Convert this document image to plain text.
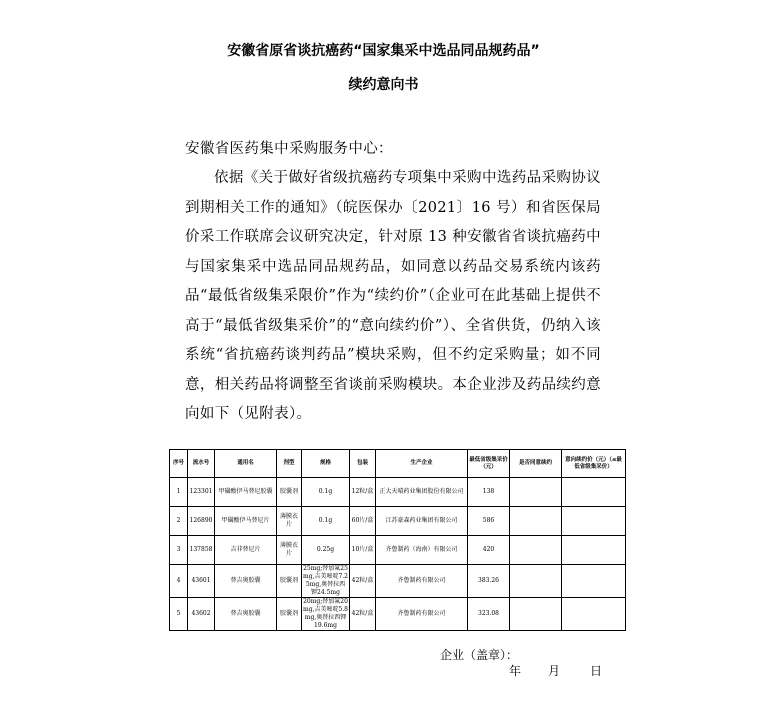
安徽省原省谈抗癌药“国家集采中选品同品规药品”
续约意向书
安徽省医药集中采购服务中心：
依据《关于做好省级抗癌药专项集中采购中选药品采购协议到期相关工作的通知》（皖医保办〔2021〕16 号）和省医保局价采工作联席会议研究决定，针对原 13 种安徽省省谈抗癌药中与国家集采中选品同品规药品，如同意以药品交易系统内该药品“最低省级集采限价”作为“续约价”（企业可在此基础上提供不高于“最低省级集采价”的“意向续约价”）、全省供货，仍纳入该系统“省抗癌药谈判药品”模块采购，但不约定采购量；如不同意，相关药品将调整至省谈前采购模块。本企业涉及药品续约意向如下（见附表）。
序号	流水号	通用名	剂型	规格	包装	生产企业	最低省级集采价（元）	是否同意续约	意向续约价（元）（≤最低省级集采价）
1	123301	甲磺酸伊马替尼胶囊	胶囊剂	0.1g	12粒/盒	正大天晴药业集团股份有限公司	138		
2	126890	甲磺酸伊马替尼片	薄膜衣片	0.1g	60片/盒	江苏豪森药业集团有限公司	586		
3	137858	吉非替尼片	薄膜衣片	0.25g	10片/盒	齐鲁制药（海南）有限公司	420		
4	43601	替吉奥胶囊	胶囊剂	25mg;替加氟25mg,吉美嘧啶7.25mg,奥替拉西钾24.5mg	42粒/盒	齐鲁制药有限公司	383.26		
5	43602	替吉奥胶囊	胶囊剂	20mg;替加氟20mg,吉美嘧啶5.8mg,奥替拉西钾19.6mg	42粒/盒	齐鲁制药有限公司	323.08		
企业（盖章）：
年 月 日
